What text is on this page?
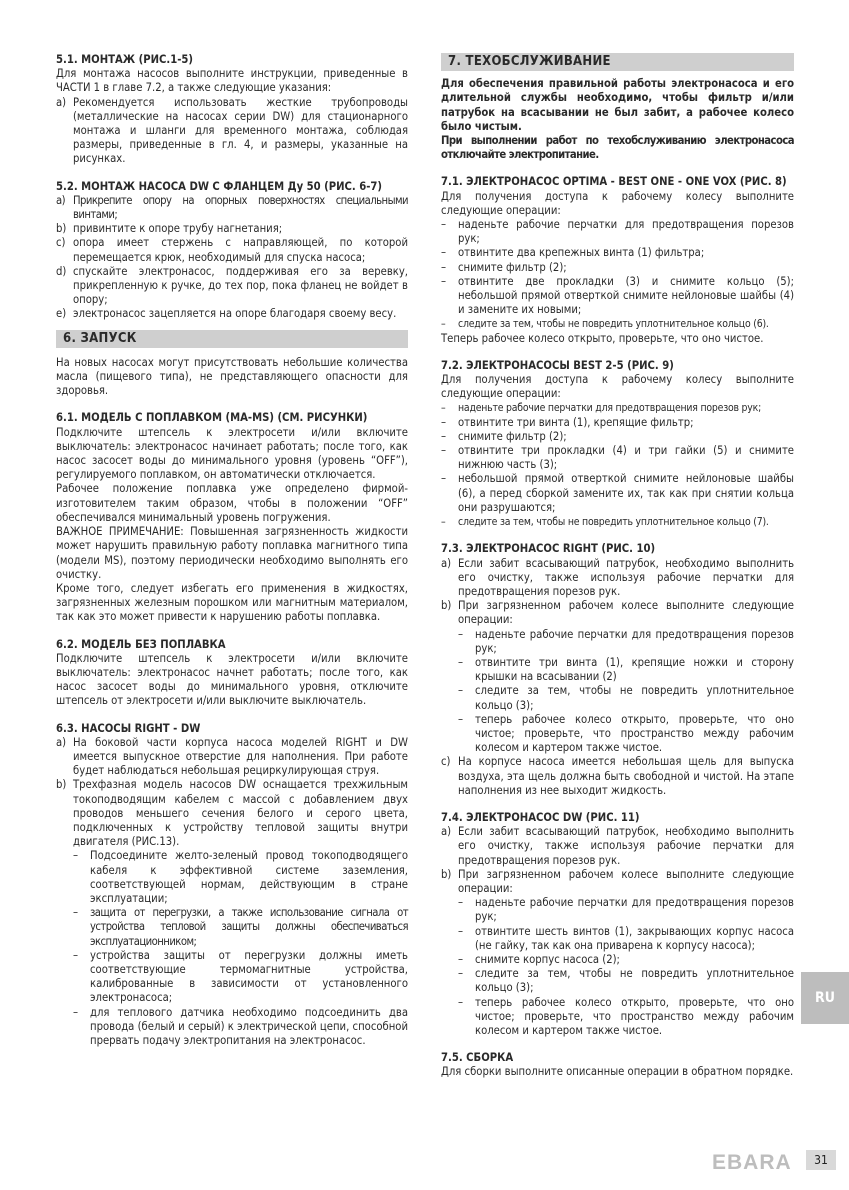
5.1. МОНТАЖ (РИС.1-5)

Для монтажа насосов выполните инструкции, приведенные в ЧАСТИ 1 в главе 7.2, а также следующие указания:

a) Рекомендуется использовать жесткие трубопроводы (металлические на насосах серии DW) для стационарного монтажа и шланги для временного монтажа, соблюдая размеры, приведенные в гл. 4, и размеры, указанные на рисунках.

5.2. МОНТАЖ НАСОСА DW С ФЛАНЦЕМ Ду 50 (РИС. 6-7)

a) Прикрепите опору на опорных поверхностях специальными винтами;
b) привинтите к опоре трубу нагнетания;
c) опора имеет стержень с направляющей, по которой перемещается крюк, необходимый для спуска насоса;
d) спускайте электронасос, поддерживая его за веревку, прикрепленную к ручке, до тех пор, пока фланец не войдет в опору;
e) электронасос зацепляется на опоре благодаря своему весу.
6. ЗАПУСК

На новых насосах могут присутствовать небольшие количества масла (пищевого типа), не представляющего опасности для здоровья.

6.1. МОДЕЛЬ С ПОПЛАВКОМ (MA-MS) (СМ. РИСУНКИ)

Подключите штепсель к электросети и/или включите выключатель: электронасос начинает работать; после того, как насос засосет воды до минимального уровня (уровень “OFF”), регулируемого поплавком, он автоматически отключается.

Рабочее положение поплавка уже определено фирмой-изготовителем таким образом, чтобы в положении “OFF” обеспечивался минимальный уровень погружения.

ВАЖНОЕ ПРИМЕЧАНИЕ: Повышенная загрязненность жидкости может нарушить правильную работу поплавка магнитного типа (модели MS), поэтому периодически необходимо выполнять его очистку.

Кроме того, следует избегать его применения в жидкостях, загрязненных железным порошком или магнитным материалом, так как это может привести к нарушению работы поплавка.

6.2. МОДЕЛЬ БЕЗ ПОПЛАВКА

Подключите штепсель к электросети и/или включите выключатель: электронасос начнет работать; после того, как насос засосет воды до минимального уровня, отключите штепсель от электросети и/или выключите выключатель.

6.3. НАСОСЫ RIGHT - DW

a) На боковой части корпуса насоса моделей RIGHT и DW имеется выпускное отверстие для наполнения. При работе будет наблюдаться небольшая рециркулирующая струя.
b) Трехфазная модель насосов DW оснащается трехжильным токоподводящим кабелем с массой с добавлением двух проводов меньшего сечения белого и серого цвета, подключенных к устройству тепловой защиты внутри двигателя (РИС.13).
– Подсоедините желто-зеленый провод токоподводящего кабеля к эффективной системе заземления, соответствующей нормам, действующим в стране эксплуатации;
– защита от перегрузки, а также использование сигнала от устройства тепловой защиты должны обеспечиваться эксплуатационником;
– устройства защиты от перегрузки должны иметь соответствующие термомагнитные устройства, калиброванные в зависимости от установленного электронасоса;
– для теплового датчика необходимо подсоединить два провода (белый и серый) к электрической цепи, способной прервать подачу электропитания на электронасос.
7. ТЕХОБСЛУЖИВАНИЕ

Для обеспечения правильной работы электронасоса и его длительной службы необходимо, чтобы фильтр и/или патрубок на всасывании не был забит, а рабочее колесо было чистым.

При выполнении работ по техобслуживанию электронасоса отключайте электропитание.

7.1. ЭЛЕКТРОНАСОС OPTIMA - BEST ONE - ONE VOX (РИС. 8)

Для получения доступа к рабочему колесу выполните следующие операции:

– наденьте рабочие перчатки для предотвращения порезов рук;
– отвинтите два крепежных винта (1) фильтра;
– снимите фильтр (2);
– отвинтите две прокладки (3) и снимите кольцо (5); небольшой прямой отверткой снимите нейлоновые шайбы (4) и замените их новыми;
– следите за тем, чтобы не повредить уплотнительное кольцо (6).

Теперь рабочее колесо открыто, проверьте, что оно чистое.

7.2. ЭЛЕКТРОНАСОСЫ BEST 2-5 (РИС. 9)

Для получения доступа к рабочему колесу выполните следующие операции:

– наденьте рабочие перчатки для предотвращения порезов рук;
– отвинтите три винта (1), крепящие фильтр;
– снимите фильтр (2);
– отвинтите три прокладки (4) и три гайки (5) и снимите нижнюю часть (3);
– небольшой прямой отверткой снимите нейлоновые шайбы (6), а перед сборкой замените их, так как при снятии кольца они разрушаются;
– следите за тем, чтобы не повредить уплотнительное кольцо (7).

7.3. ЭЛЕКТРОНАСОС RIGHT (РИС. 10)

a) Если забит всасывающий патрубок, необходимо выполнить его очистку, также используя рабочие перчатки для предотвращения порезов рук.
b) При загрязненном рабочем колесе выполните следующие операции:
– наденьте рабочие перчатки для предотвращения порезов рук;
– отвинтите три винта (1), крепящие ножки и сторону крышки на всасывании (2)
– следите за тем, чтобы не повредить уплотнительное кольцо (3);
– теперь рабочее колесо открыто, проверьте, что оно чистое; проверьте, что пространство между рабочим колесом и картером также чистое.
c) На корпусе насоса имеется небольшая щель для выпуска воздуха, эта щель должна быть свободной и чистой. На этапе наполнения из нее выходит жидкость.

7.4. ЭЛЕКТРОНАСОС DW (РИС. 11)

a) Если забит всасывающий патрубок, необходимо выполнить его очистку, также используя рабочие перчатки для предотвращения порезов рук.
b) При загрязненном рабочем колесе выполните следующие операции:
– наденьте рабочие перчатки для предотвращения порезов рук;
– отвинтите шесть винтов (1), закрывающих корпус насоса (не гайку, так как она приварена к корпусу насоса);
– снимите корпус насоса (2);
– следите за тем, чтобы не повредить уплотнительное кольцо (3);
– теперь рабочее колесо открыто, проверьте, что оно чистое; проверьте, что пространство между рабочим колесом и картером также чистое.

7.5. СБОРКА

Для сборки выполните описанные операции в обратном порядке.

RU
EBARA 31
